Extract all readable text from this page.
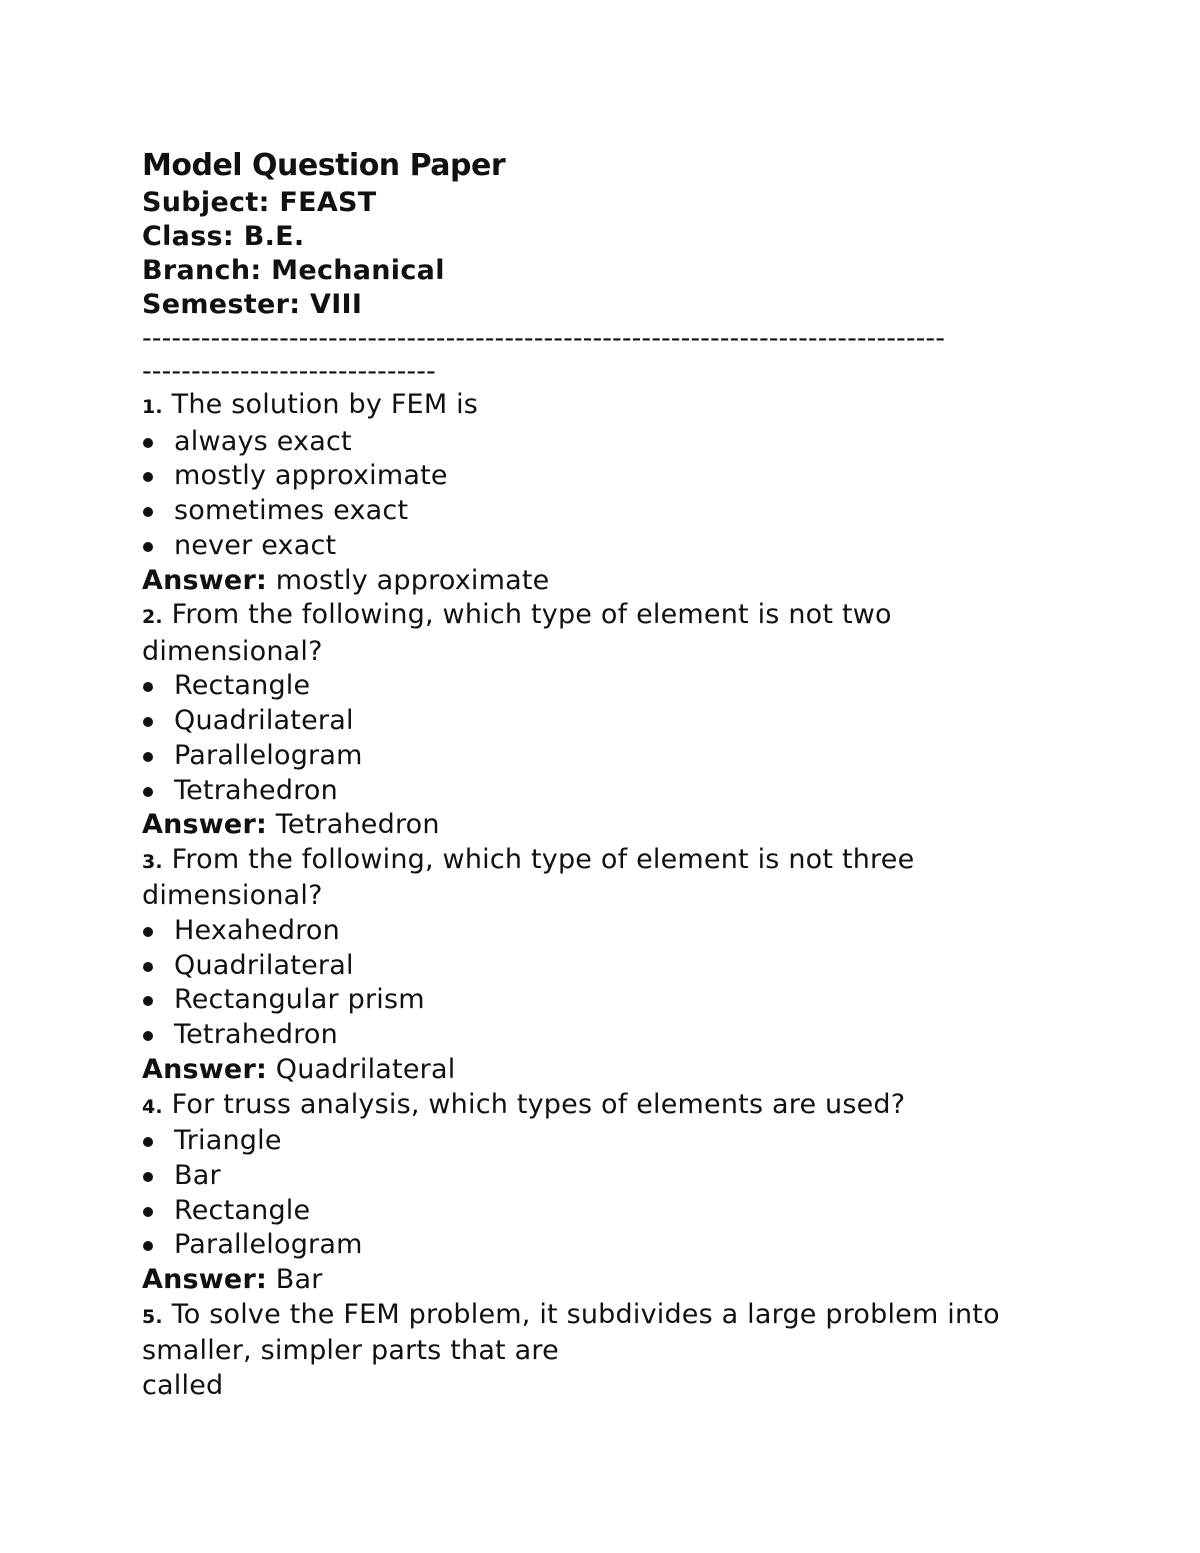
Model Question Paper
Subject: FEAST
Class: B.E.
Branch: Mechanical
Semester: VIII
----------------------------------------------------------------------------------
------------------------------

1. The solution by FEM is

always exact
mostly approximate
sometimes exact
never exact

Answer: mostly approximate

2. From the following, which type of element is not two dimensional?

Rectangle
Quadrilateral
Parallelogram
Tetrahedron

Answer: Tetrahedron

3. From the following, which type of element is not three dimensional?

Hexahedron
Quadrilateral
Rectangular prism
Tetrahedron

Answer: Quadrilateral

4. For truss analysis, which types of elements are used?

Triangle
Bar
Rectangle
Parallelogram

Answer: Bar

5. To solve the FEM problem, it subdivides a large problem into smaller, simpler parts that are

called
